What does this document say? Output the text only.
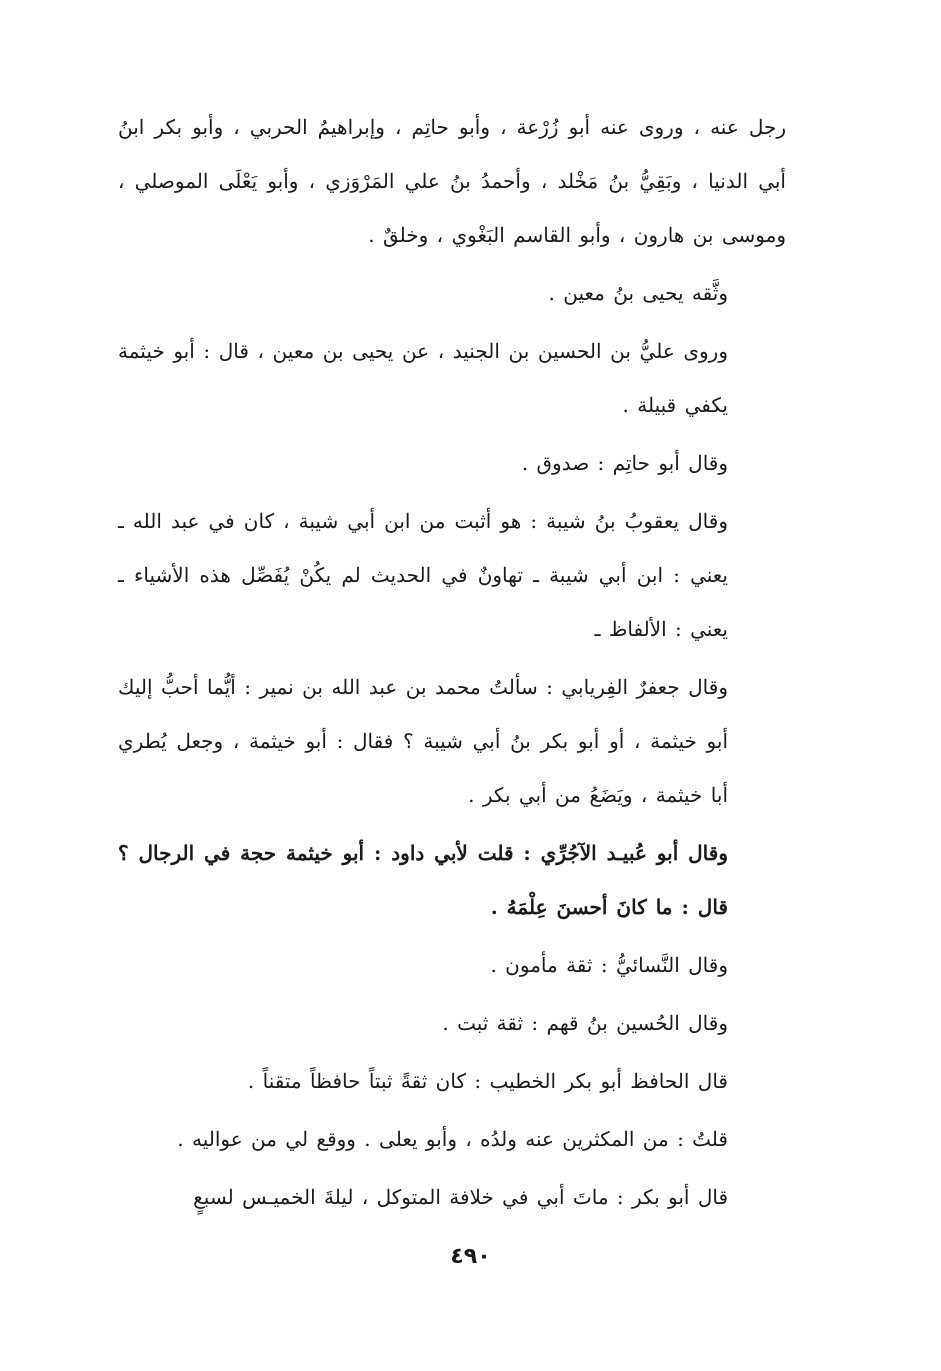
رجل عنه ، وروى عنه أبو زُرْعة ، وأبو حاتِم ، وإبراهيمُ الحربي ، وأبو بكر ابنُ أبي الدنيا ، وبَقِيُّ بنُ مَخْلد ، وأحمدُ بنُ علي المَرْوَزي ، وأبو يَعْلَى الموصلي ، وموسى بن هارون ، وأبو القاسم البَغْوي ، وخلقٌ .

وثَّقه يحيى بنُ معين .

وروى عليُّ بن الحسين بن الجنيد ، عن يحيى بن معين ، قال : أبو خيثمة يكفي قبيلة .

وقال أبو حاتِم : صدوق .

وقال يعقوبُ بنُ شيبة : هو أثبت من ابن أبي شيبة ، كان في عبد الله ـ يعني : ابن أبي شيبة ـ تهاونٌ في الحديث لم يكُنْ يُفَصِّل هذه الأشياء ـ يعني : الألفاظ ـ

وقال جعفرٌ الفِريابي : سألتُ محمد بن عبد الله بن نمير : أيُّما أحبُّ إليك أبو خيثمة ، أو أبو بكر بنُ أبي شيبة ؟ فقال : أبو خيثمة ، وجعل يُطري أبا خيثمة ، ويَضَعُ من أبي بكر .

وقال أبو عُبيـد الآجُرِّي : قلت لأبي داود : أبو خيثمة حجة في الرجال ؟ قال : ما كانَ أحسنَ عِلْمَهُ .

وقال النَّسائيُّ : ثقة مأمون .

وقال الحُسين بنُ قهم : ثقة ثبت .

قال الحافظ أبو بكر الخطيب : كان ثقةً ثبتاً حافظاً متقناً .

قلتُ : من المكثرين عنه ولدُه ، وأبو يعلى . ووقع لي من عواليه .

قال أبو بكر : ماتَ أبي في خلافة المتوكل ، ليلةَ الخميـس لسبعٍ

٤٩٠
